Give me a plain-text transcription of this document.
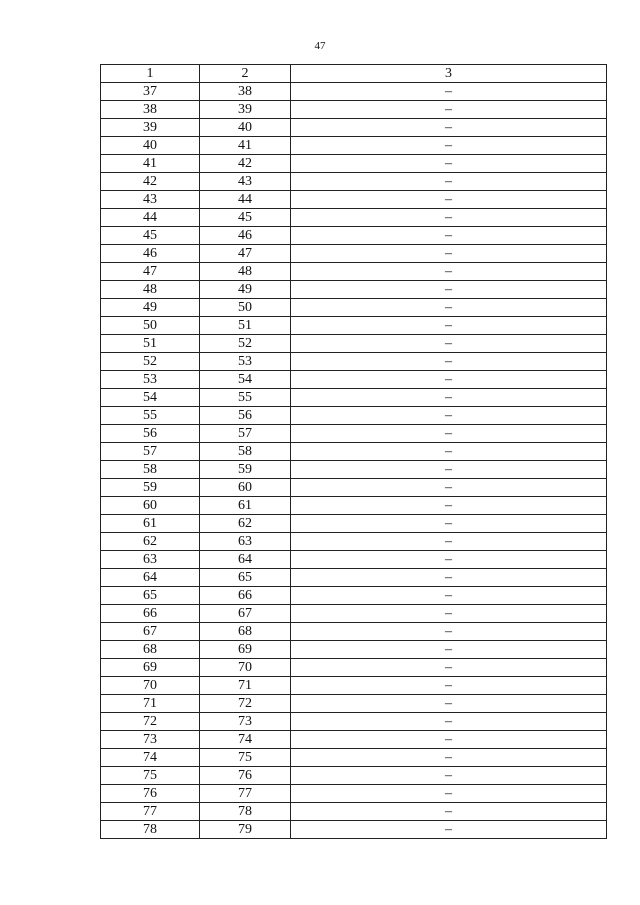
47
1	2	3
37	38	–
38	39	–
39	40	–
40	41	–
41	42	–
42	43	–
43	44	–
44	45	–
45	46	–
46	47	–
47	48	–
48	49	–
49	50	–
50	51	–
51	52	–
52	53	–
53	54	–
54	55	–
55	56	–
56	57	–
57	58	–
58	59	–
59	60	–
60	61	–
61	62	–
62	63	–
63	64	–
64	65	–
65	66	–
66	67	–
67	68	–
68	69	–
69	70	–
70	71	–
71	72	–
72	73	–
73	74	–
74	75	–
75	76	–
76	77	–
77	78	–
78	79	–
